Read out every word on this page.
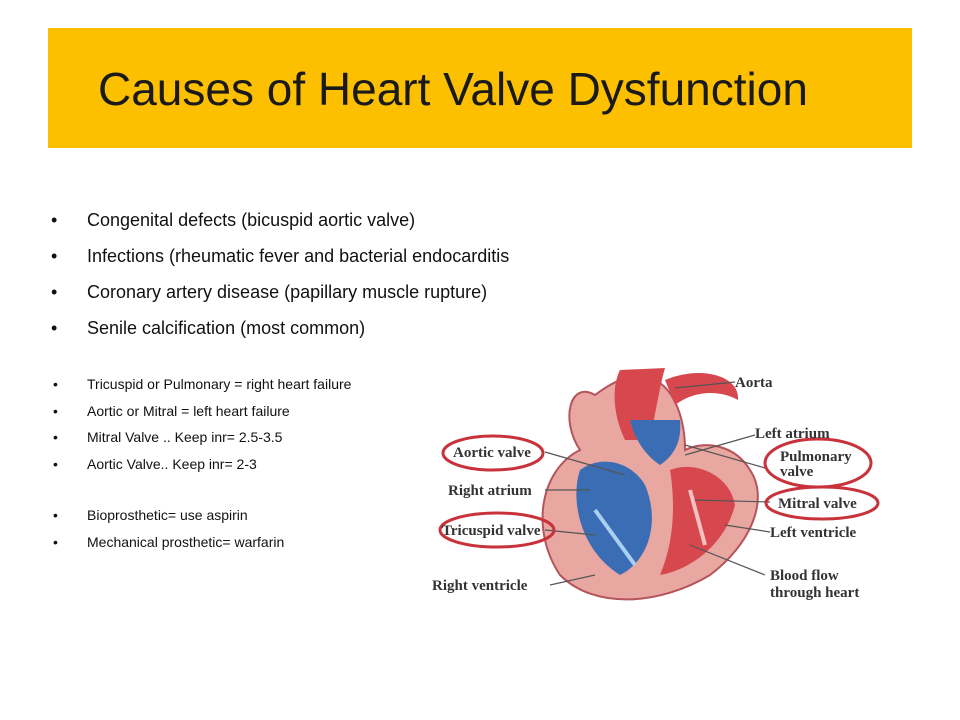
Causes of Heart Valve Dysfunction
• Congenital defects (bicuspid aortic valve)
• Infections (rheumatic fever and bacterial endocarditis
• Coronary artery disease (papillary muscle rupture)
• Senile calcification (most common)
• Tricuspid or Pulmonary = right heart failure
• Aortic or Mitral = left heart failure
• Mitral Valve .. Keep inr= 2.5-3.5
• Aortic Valve.. Keep inr= 2-3
• Bioprosthetic= use aspirin
• Mechanical prosthetic= warfarin
Aorta
Aortic valve
Left atrium
Pulmonary
valve
Right atrium
Mitral valve
Left ventricle
Tricuspid valve
Blood flow
through heart
Right ventricle
